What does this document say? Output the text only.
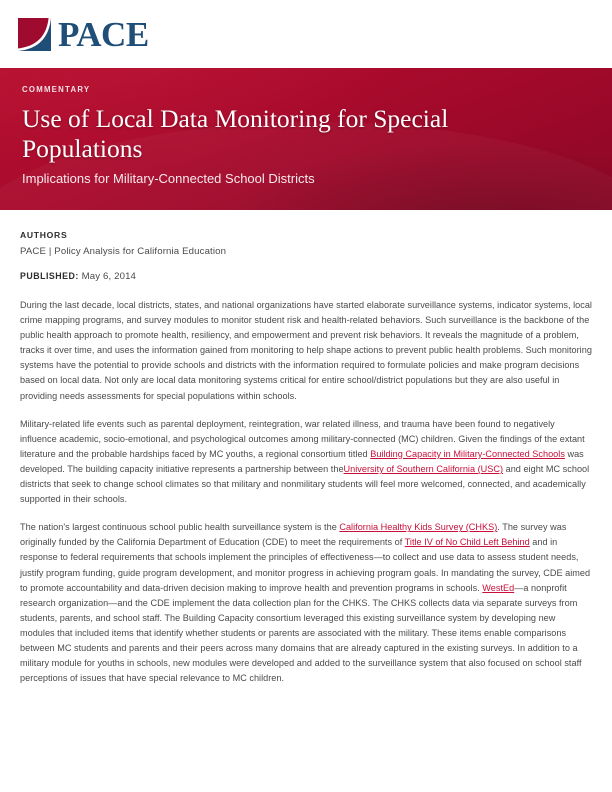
PACE
COMMENTARY
Use of Local Data Monitoring for Special Populations
Implications for Military-Connected School Districts
AUTHORS
PACE | Policy Analysis for California Education
PUBLISHED: May 6, 2014

During the last decade, local districts, states, and national organizations have started elaborate surveillance systems, indicator systems, local crime mapping programs, and survey modules to monitor student risk and health-related behaviors. Such surveillance is the backbone of the public health approach to promote health, resiliency, and empowerment and prevent risk behaviors. It reveals the magnitude of a problem, tracks it over time, and uses the information gained from monitoring to help shape actions to prevent public health problems. Such monitoring systems have the potential to provide schools and districts with the information required to formulate policies and make program decisions based on local data. Not only are local data monitoring systems critical for entire school/district populations but they are also useful in providing needs assessments for special populations within schools.

Military-related life events such as parental deployment, reintegration, war related illness, and trauma have been found to negatively influence academic, socio-emotional, and psychological outcomes among military-connected (MC) children. Given the findings of the extant literature and the probable hardships faced by MC youths, a regional consortium titled Building Capacity in Military-Connected Schools was developed. The building capacity initiative represents a partnership between theUniversity of Southern California (USC) and eight MC school districts that seek to change school climates so that military and nonmilitary students will feel more welcomed, connected, and academically supported in their schools.

The nation's largest continuous school public health surveillance system is the California Healthy Kids Survey (CHKS). The survey was originally funded by the California Department of Education (CDE) to meet the requirements of Title IV of No Child Left Behind and in response to federal requirements that schools implement the principles of effectiveness—to collect and use data to assess student needs, justify program funding, guide program development, and monitor progress in achieving program goals. In mandating the survey, CDE aimed to promote accountability and data-driven decision making to improve health and prevention programs in schools. WestEd—a nonprofit research organization—and the CDE implement the data collection plan for the CHKS. The CHKS collects data via separate surveys from students, parents, and school staff. The Building Capacity consortium leveraged this existing surveillance system by developing new modules that included items that identify whether students or parents are associated with the military. These items enable comparisons between MC students and parents and their peers across many domains that are already captured in the existing surveys. In addition to a military module for youths in schools, new modules were developed and added to the surveillance system that also focused on school staff perceptions of issues that have special relevance to MC children.
